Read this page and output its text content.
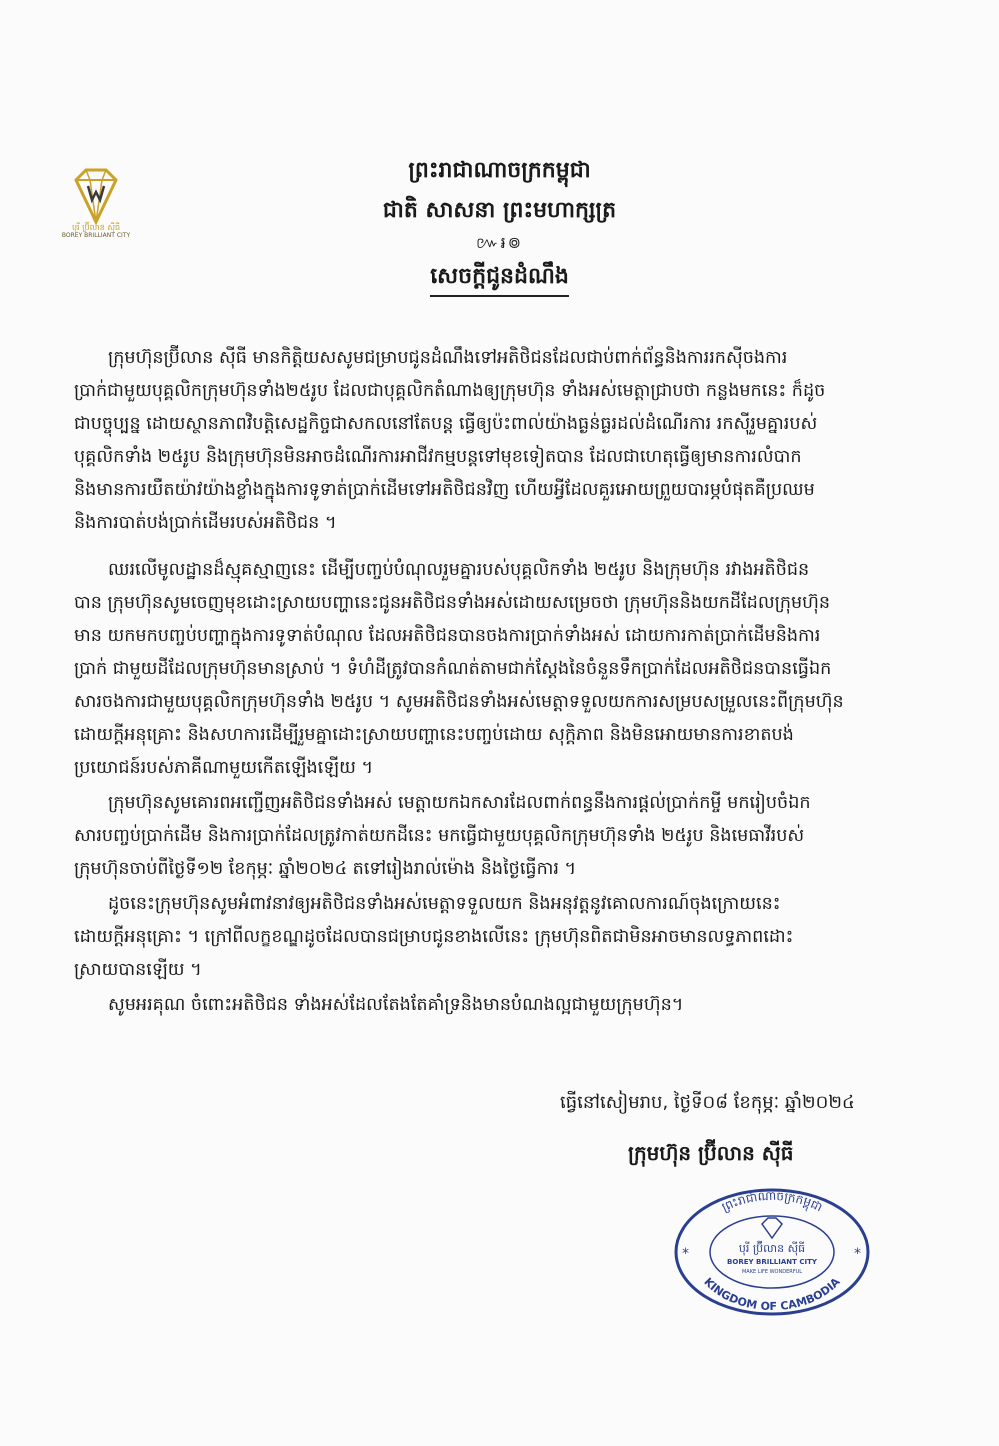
បុរី ប៊្រីលាន ស៊ីធី
BOREY BRILLIANT CITY
ព្រះរាជាណាចក្រកម្ពុជា
ជាតិ សាសនា ព្រះមហាក្សត្រ
៚៛៙
សេចក្ដីជូនដំណឹង
ក្រុមហ៊ុនប៊្រីលាន ស៊ីធី មានកិត្តិយសសូមជម្រាបជូនដំណឹងទៅអតិថិជនដែលជាប់ពាក់ព័ន្ធនិងការរកស៊ីចងការ
ប្រាក់ជាមួយបុគ្គលិកក្រុមហ៊ុនទាំង២៥រូប ដែលជាបុគ្គលិកតំណាងឲ្យក្រុមហ៊ុន ទាំងអស់មេត្តាជ្រាបថា កន្លងមកនេះ ក៏ដូច
ជាបច្ចុប្បន្ន ដោយស្ថានភាពវិបត្តិសេដ្ឋកិច្ចជាសកលនៅតែបន្ត ធ្វើឲ្យប៉ះពាល់យ៉ាងធ្ងន់ធ្ងរដល់ដំណើរការ រកស៊ីរួមគ្នារបស់
បុគ្គលិកទាំង ២៥រូប និងក្រុមហ៊ុនមិនអាចដំណើរការអាជីវកម្មបន្តទៅមុខទៀតបាន ដែលជាហេតុធ្វើឲ្យមានការលំបាក
និងមានការយឺតយ៉ាវយ៉ាងខ្លាំងក្នុងការទូទាត់ប្រាក់ដើមទៅអតិថិជនវិញ ហើយអ្វីដែលគួរអោយព្រួយបារម្ភបំផុតគឺប្រឈម
និងការបាត់បង់ប្រាក់ដើមរបស់អតិថិជន ។
ឈរលើមូលដ្ឋានដ៏ស្មុគស្មាញនេះ ដើម្បីបញ្ចប់បំណុលរួមគ្នារបស់បុគ្គលិកទាំង ២៥រូប និងក្រុមហ៊ុន រវាងអតិថិជន
បាន ក្រុមហ៊ុនសូមចេញមុខដោះស្រាយបញ្ហានេះជូនអតិថិជនទាំងអស់ដោយសម្រេចថា ក្រុមហ៊ុននិងយកដីដែលក្រុមហ៊ុន
មាន យកមកបញ្ចប់បញ្ហាក្នុងការទូទាត់បំណុល ដែលអតិថិជនបានចងការប្រាក់ទាំងអស់ ដោយការកាត់ប្រាក់ដើមនិងការ
ប្រាក់ ជាមួយដីដែលក្រុមហ៊ុនមានស្រាប់ ។ ទំហំដីត្រូវបានកំណត់តាមជាក់ស្តែងនៃចំនួនទឹកប្រាក់ដែលអតិថិជនបានធ្វើឯក
សារចងការជាមួយបុគ្គលិកក្រុមហ៊ុនទាំង ២៥រូប ។ សូមអតិថិជនទាំងអស់មេត្តាទទួលយកការសម្របសម្រួលនេះពីក្រុមហ៊ុន
ដោយក្តីអនុគ្រោះ និងសហការដើម្បីរួមគ្នាដោះស្រាយបញ្ហានេះបញ្ចប់ដោយ សុក្តិភាព និងមិនអោយមានការខាតបង់
ប្រយោជន៍របស់ភាគីណាមួយកើតឡើងឡើយ ។
ក្រុមហ៊ុនសូមគោរពអញ្ជើញអតិថិជនទាំងអស់ មេត្តាយកឯកសារដែលពាក់ពន្ធនឹងការផ្តល់ប្រាក់កម្ចី មករៀបចំឯក
សារបញ្ចប់ប្រាក់ដើម និងការប្រាក់ដែលត្រូវកាត់យកដីនេះ មកធ្វើជាមួយបុគ្គលិកក្រុមហ៊ុនទាំង ២៥រូប និងមេធាវីរបស់
ក្រុមហ៊ុនចាប់ពីថ្ងៃទី១២ ខែកុម្ភៈ ឆ្នាំ២០២៤ តទៅរៀងរាល់ម៉ោង និងថ្ងៃធ្វើការ ។
ដូចនេះក្រុមហ៊ុនសូមអំពាវនាវឲ្យអតិថិជនទាំងអស់មេត្តាទទួលយក និងអនុវត្តនូវគោលការណ៍ចុងក្រោយនេះ
ដោយក្តីអនុគ្រោះ ។ ក្រៅពីលក្ខខណ្ឌដូចដែលបានជម្រាបជូនខាងលើនេះ ក្រុមហ៊ុនពិតជាមិនអាចមានលទ្ធភាពដោះ
ស្រាយបានឡើយ ។
សូមអរគុណ ចំពោះអតិថិជន ទាំងអស់ដែលតែងតែគាំទ្រនិងមានបំណងល្អជាមួយក្រុមហ៊ុន។
ធ្វើនៅសៀមរាប, ថ្ងៃទី០៨ ខែកុម្ភៈ ឆ្នាំ២០២៤
ក្រុមហ៊ុន ប៊្រីលាន ស៊ីធី
ព្រះរាជាណាចក្រកម្ពុជា
KINGDOM OF CAMBODIA
*	*
បុរី ប៊្រីលាន ស៊ីធី
BOREY BRILLIANT CITY
MAKE LIFE WONDERFUL
